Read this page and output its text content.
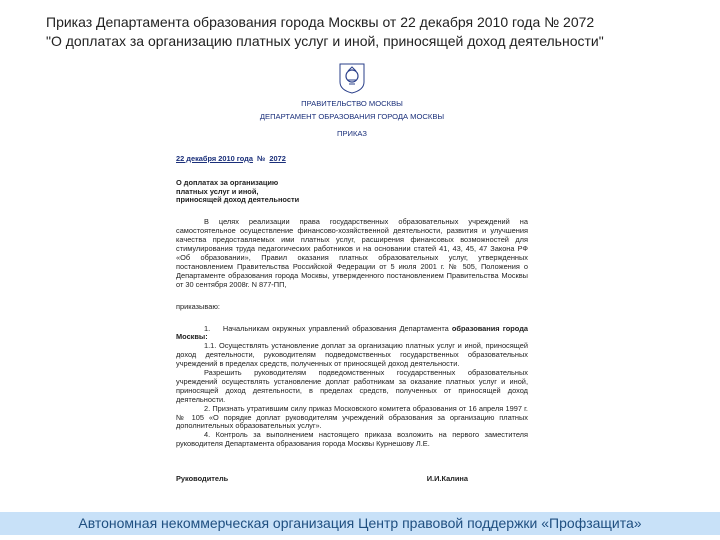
Приказ Департамента образования города Москвы от 22 декабря 2010 года № 2072
"О доплатах за организацию платных услуг и иной, приносящей доход деятельности"
ПРАВИТЕЛЬСТВО МОСКВЫ
ДЕПАРТАМЕНТ ОБРАЗОВАНИЯ ГОРОДА МОСКВЫ
ПРИКАЗ
22 декабря 2010 года № 2072
О доплатах за организацию платных услуг и иной, приносящей доход деятельности

В целях реализации права государственных образовательных учреждений на самостоятельное осуществление финансово-хозяйственной деятельности, развития и улучшения качества предоставляемых ими платных услуг, расширения финансовых возможностей для стимулирования труда педагогических работников и на основании статей 41, 43, 45, 47 Закона РФ «Об образовании», Правил оказания платных образовательных услуг, утвержденных постановлением Правительства Российской Федерации от 5 июля 2001 г. № 505, Положения о Департаменте образования города Москвы, утвержденного постановлением Правительства Москвы от 30 сентября 2008г. N 877-ПП,

приказываю:

1. Начальникам окружных управлений образования Департамента образования города Москвы:

1.1. Осуществлять установление доплат за организацию платных услуг и иной, приносящей доход деятельности, руководителям подведомственных государственных образовательных учреждений в пределах средств, полученных от приносящей доход деятельности.

Разрешить руководителям подведомственных государственных образовательных учреждений осуществлять установление доплат работникам за оказание платных услуг и иной, приносящей доход деятельности, в пределах средств, полученных от приносящей доход деятельности.

2. Признать утратившим силу приказ Московского комитета образования от 16 апреля 1997 г. № 105 «О порядке доплат руководителям учреждений образования за организацию платных дополнительных образовательных услуг».

4. Контроль за выполнением настоящего приказа возложить на первого заместителя руководителя Департамента образования города Москвы Курнешову Л.Е.

Руководитель	И.И.Калина
Автономная некоммерческая организация Центр правовой поддержки «Профзащита»
